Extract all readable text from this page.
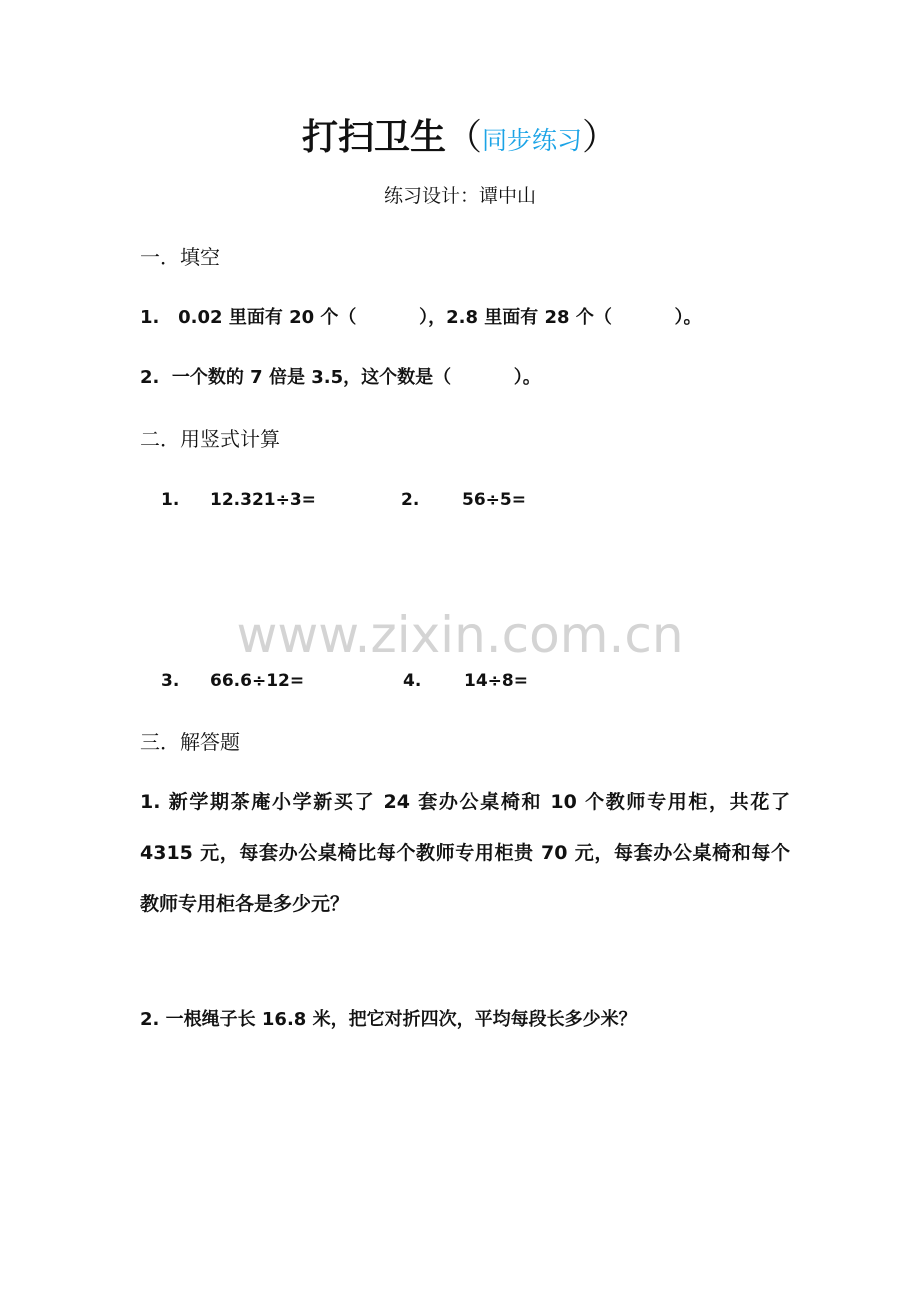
打扫卫生（同步练习）
练习设计：谭中山
一．填空
1.   0.02 里面有 20 个（          ），2.8 里面有 28 个（          ）。
2.  一个数的 7 倍是 3.5，这个数是（          ）。
二．用竖式计算
1. 12.321÷3=	2.	56÷5=
3. 66.6÷12=	4.	14÷8=
www.zixin.com.cn
三．解答题
1. 新学期茶庵小学新买了 24 套办公桌椅和 10 个教师专用柜，共花了 4315 元，每套办公桌椅比每个教师专用柜贵 70 元，每套办公桌椅和每个教师专用柜各是多少元？
2. 一根绳子长 16.8 米，把它对折四次，平均每段长多少米？
